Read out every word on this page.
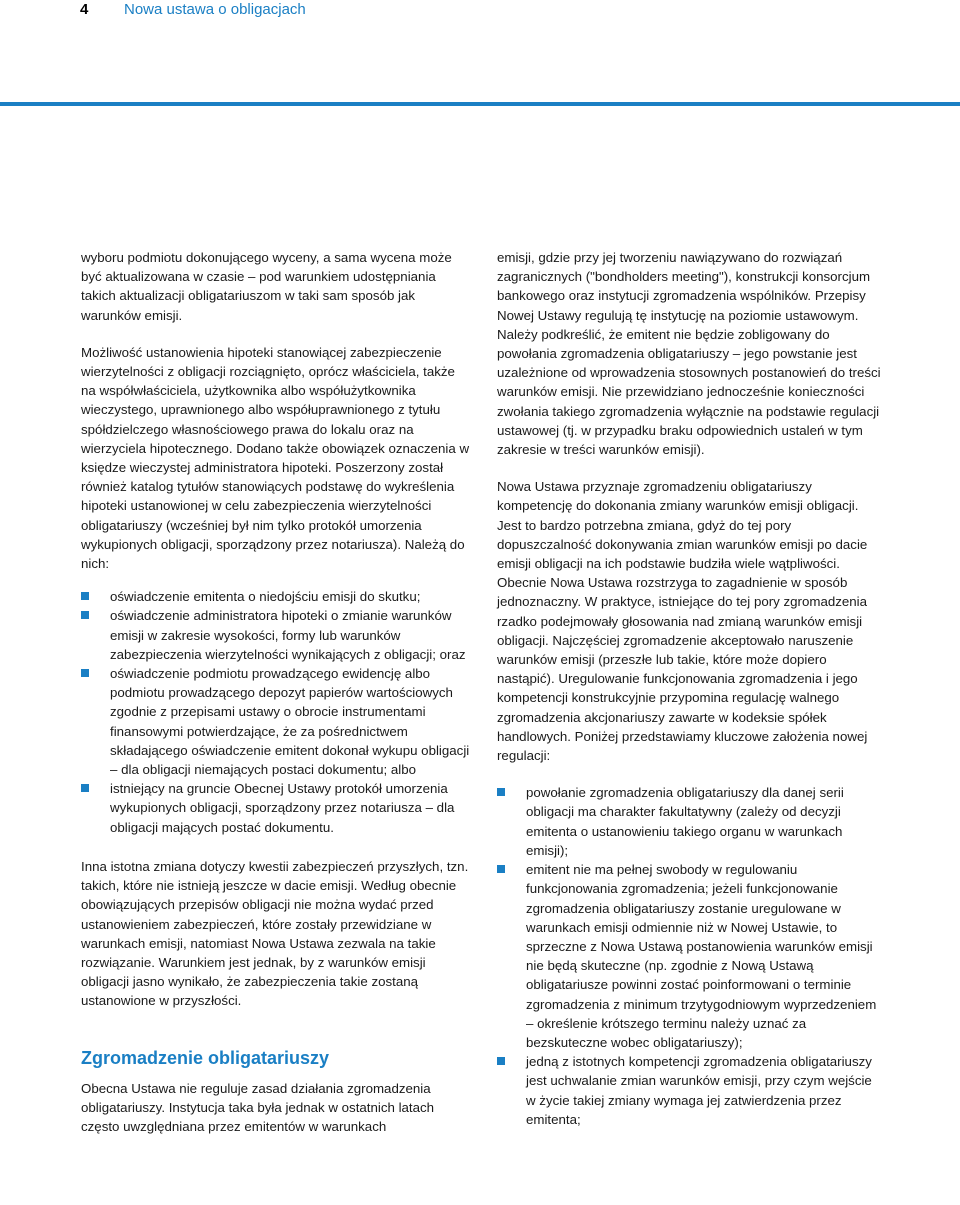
4 Nowa ustawa o obligacjach

wyboru podmiotu dokonującego wyceny, a sama wycena może być aktualizowana w czasie – pod warunkiem udostępniania takich aktualizacji obligatariuszom w taki sam sposób jak warunków emisji.

Możliwość ustanowienia hipoteki stanowiącej zabezpieczenie wierzytelności z obligacji rozciągnięto, oprócz właściciela, także na współwłaściciela, użytkownika albo współużytkownika wieczystego, uprawnionego albo współuprawnionego z tytułu spółdzielczego własnościowego prawa do lokalu oraz na wierzyciela hipotecznego. Dodano także obowiązek oznaczenia w księdze wieczystej administratora hipoteki. Poszerzony został również katalog tytułów stanowiących podstawę do wykreślenia hipoteki ustanowionej w celu zabezpieczenia wierzytelności obligatariuszy (wcześniej był nim tylko protokół umorzenia wykupionych obligacji, sporządzony przez notariusza). Należą do nich:

oświadczenie emitenta o niedojściu emisji do skutku;
oświadczenie administratora hipoteki o zmianie warunków emisji w zakresie wysokości, formy lub warunków zabezpieczenia wierzytelności wynikających z obligacji; oraz
oświadczenie podmiotu prowadzącego ewidencję albo podmiotu prowadzącego depozyt papierów wartościowych zgodnie z przepisami ustawy o obrocie instrumentami finansowymi potwierdzające, że za pośrednictwem składającego oświadczenie emitent dokonał wykupu obligacji – dla obligacji niemających postaci dokumentu; albo
istniejący na gruncie Obecnej Ustawy protokół umorzenia wykupionych obligacji, sporządzony przez notariusza – dla obligacji mających postać dokumentu.

Inna istotna zmiana dotyczy kwestii zabezpieczeń przyszłych, tzn. takich, które nie istnieją jeszcze w dacie emisji. Według obecnie obowiązujących przepisów obligacji nie można wydać przed ustanowieniem zabezpieczeń, które zostały przewidziane w warunkach emisji, natomiast Nowa Ustawa zezwala na takie rozwiązanie. Warunkiem jest jednak, by z warunków emisji obligacji jasno wynikało, że zabezpieczenia takie zostaną ustanowione w przyszłości.

Zgromadzenie obligatariuszy

Obecna Ustawa nie reguluje zasad działania zgromadzenia obligatariuszy. Instytucja taka była jednak w ostatnich latach często uwzględniana przez emitentów w warunkach

emisji, gdzie przy jej tworzeniu nawiązywano do rozwiązań zagranicznych ("bondholders meeting"), konstrukcji konsorcjum bankowego oraz instytucji zgromadzenia wspólników. Przepisy Nowej Ustawy regulują tę instytucję na poziomie ustawowym. Należy podkreślić, że emitent nie będzie zobligowany do powołania zgromadzenia obligatariuszy – jego powstanie jest uzależnione od wprowadzenia stosownych postanowień do treści warunków emisji. Nie przewidziano jednocześnie konieczności zwołania takiego zgromadzenia wyłącznie na podstawie regulacji ustawowej (tj. w przypadku braku odpowiednich ustaleń w tym zakresie w treści warunków emisji).

Nowa Ustawa przyznaje zgromadzeniu obligatariuszy kompetencję do dokonania zmiany warunków emisji obligacji. Jest to bardzo potrzebna zmiana, gdyż do tej pory dopuszczalność dokonywania zmian warunków emisji po dacie emisji obligacji na ich podstawie budziła wiele wątpliwości. Obecnie Nowa Ustawa rozstrzyga to zagadnienie w sposób jednoznaczny. W praktyce, istniejące do tej pory zgromadzenia rzadko podejmowały głosowania nad zmianą warunków emisji obligacji. Najczęściej zgromadzenie akceptowało naruszenie warunków emisji (przeszłe lub takie, które może dopiero nastąpić). Uregulowanie funkcjonowania zgromadzenia i jego kompetencji konstrukcyjnie przypomina regulację walnego zgromadzenia akcjonariuszy zawarte w kodeksie spółek handlowych. Poniżej przedstawiamy kluczowe założenia nowej regulacji:

powołanie zgromadzenia obligatariuszy dla danej serii obligacji ma charakter fakultatywny (zależy od decyzji emitenta o ustanowieniu takiego organu w warunkach emisji);
emitent nie ma pełnej swobody w regulowaniu funkcjonowania zgromadzenia; jeżeli funkcjonowanie zgromadzenia obligatariuszy zostanie uregulowane w warunkach emisji odmiennie niż w Nowej Ustawie, to sprzeczne z Nowa Ustawą postanowienia warunków emisji nie będą skuteczne (np. zgodnie z Nową Ustawą obligatariusze powinni zostać poinformowani o terminie zgromadzenia z minimum trzytygodniowym wyprzedzeniem – określenie krótszego terminu należy uznać za bezskuteczne wobec obligatariuszy);
jedną z istotnych kompetencji zgromadzenia obligatariuszy jest uchwalanie zmian warunków emisji, przy czym wejście w życie takiej zmiany wymaga jej zatwierdzenia przez emitenta;
